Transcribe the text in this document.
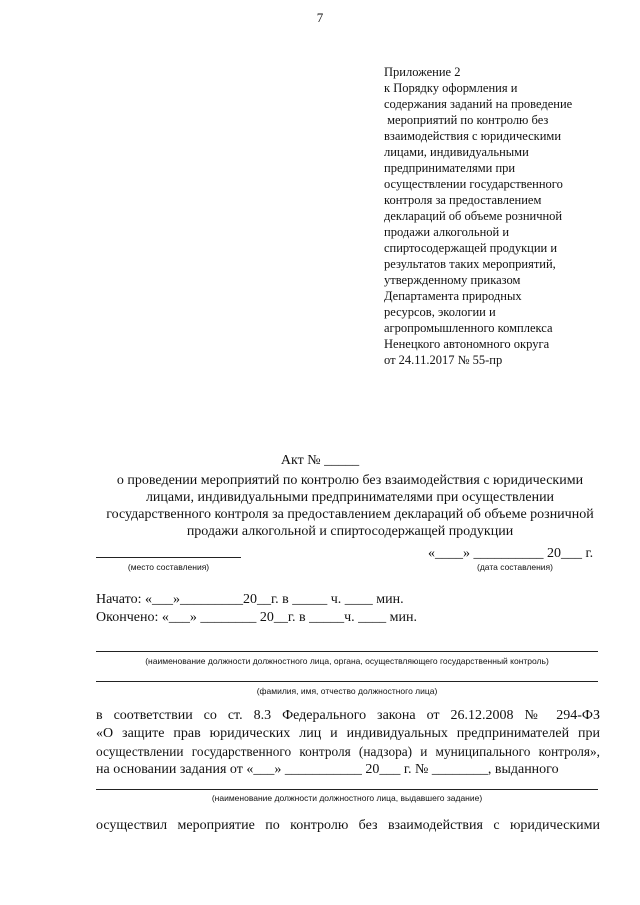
7
Приложение 2
к Порядку оформления и
содержания заданий на проведение
мероприятий по контролю без
взаимодействия с юридическими
лицами, индивидуальными
предпринимателями при
осуществлении государственного
контроля за предоставлением
деклараций об объеме розничной
продажи алкогольной и
спиртосодержащей продукции и
результатов таких мероприятий,
утвержденному приказом
Департамента природных
ресурсов, экологии и
агропромышленного комплекса
Ненецкого автономного округа
от 24.11.2017 № 55-пр
Акт № _____
о проведении мероприятий по контролю без взаимодействия с юридическими
лицами, индивидуальными предпринимателями при осуществлении
государственного контроля за предоставлением деклараций об объеме розничной
продажи алкогольной и спиртосодержащей продукции
(место составления)
«____» __________ 20___ г.
(дата составления)
Начато: «___»_________20__г. в _____ ч. ____ мин.
Окончено: «___» ________ 20__г. в _____ч. ____ мин.
(наименование должности должностного лица, органа, осуществляющего государственный контроль)
(фамилия, имя, отчество должностного лица)
в соответствии со ст. 8.3 Федерального закона от 26.12.2008 № 294-ФЗ
«О защите прав юридических лиц и индивидуальных предпринимателей при
осуществлении государственного контроля (надзора) и муниципального контроля»,
на основании задания от «___» ___________ 20___ г. № ________, выданного
(наименование должности должностного лица, выдавшего задание)
осуществил мероприятие по контролю без взаимодействия с юридическими
